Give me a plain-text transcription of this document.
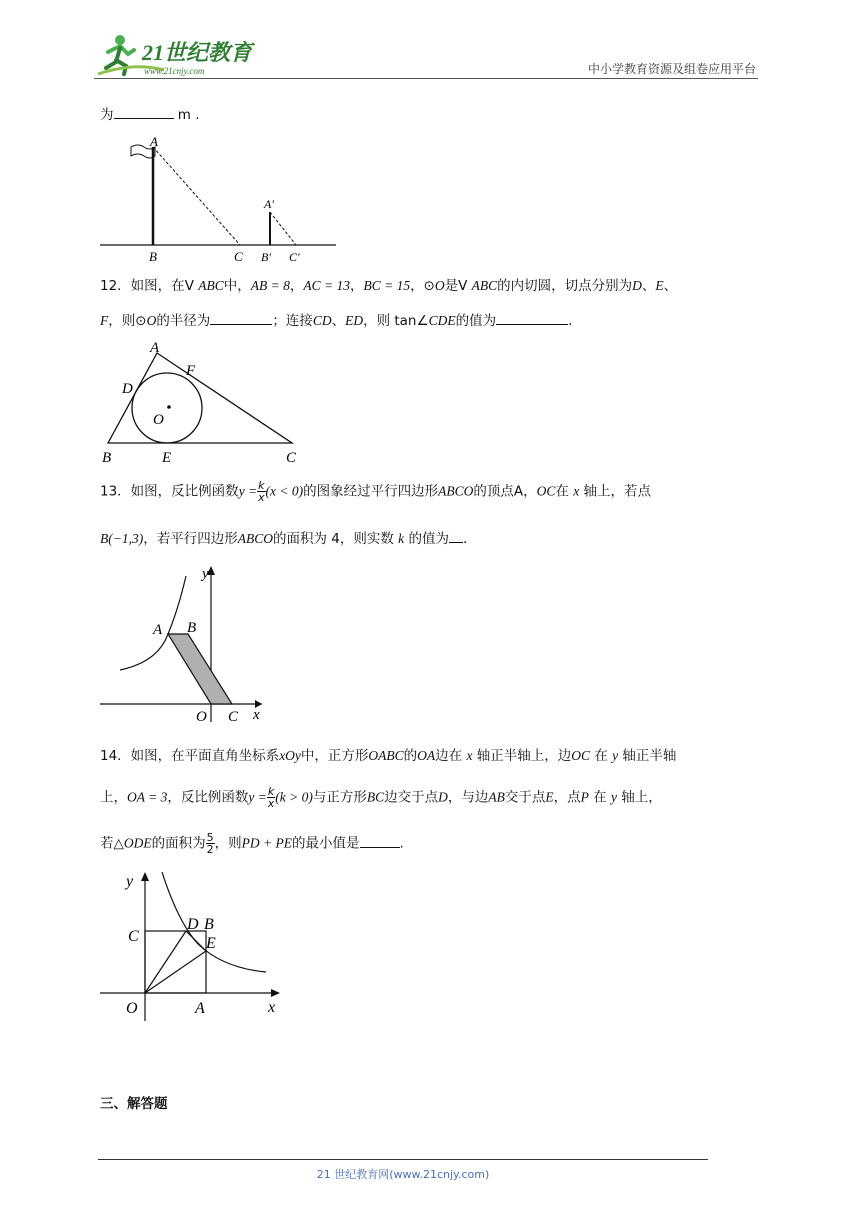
21世纪教育
www.21cnjy.com	中小学教育资源及组卷应用平台
为	m .
A
B	C
A′
B′ C′
12．如图，在V ABC中，AB = 8，AC = 13，BC = 15，⊙O是V ABC的内切圆，切点分别为D、E、
F，则⊙O的半径为	；连接CD、ED，则 tan∠CDE的值为	.
A
B	C
D
E
F
O
13．如图，反比例函数$y = \frac{k}{x} (x < 0)$的图象经过平行四边形ABCO的顶点A，OC在 x 轴上，若点
B(−1,3)，若平行四边形ABCO的面积为 4，则实数 k 的值为 .
y
x
A B
O C
14．如图，在平面直角坐标系xOy中，正方形OABC的OA边在 x 轴正半轴上，边OC 在 y 轴正半轴
上，OA = 3，反比例函数$y = \frac{k}{x} (k > 0)$与正方形BC边交于点D，与边AB交于点E，点P 在 y 轴上，
若△ODE的面积为 $\frac{5}{2}$ ，则PD + PE的最小值是	.
y
x
C
D B
E
O	A
三、解答题
21 世纪教育网(www.21cnjy.com)
